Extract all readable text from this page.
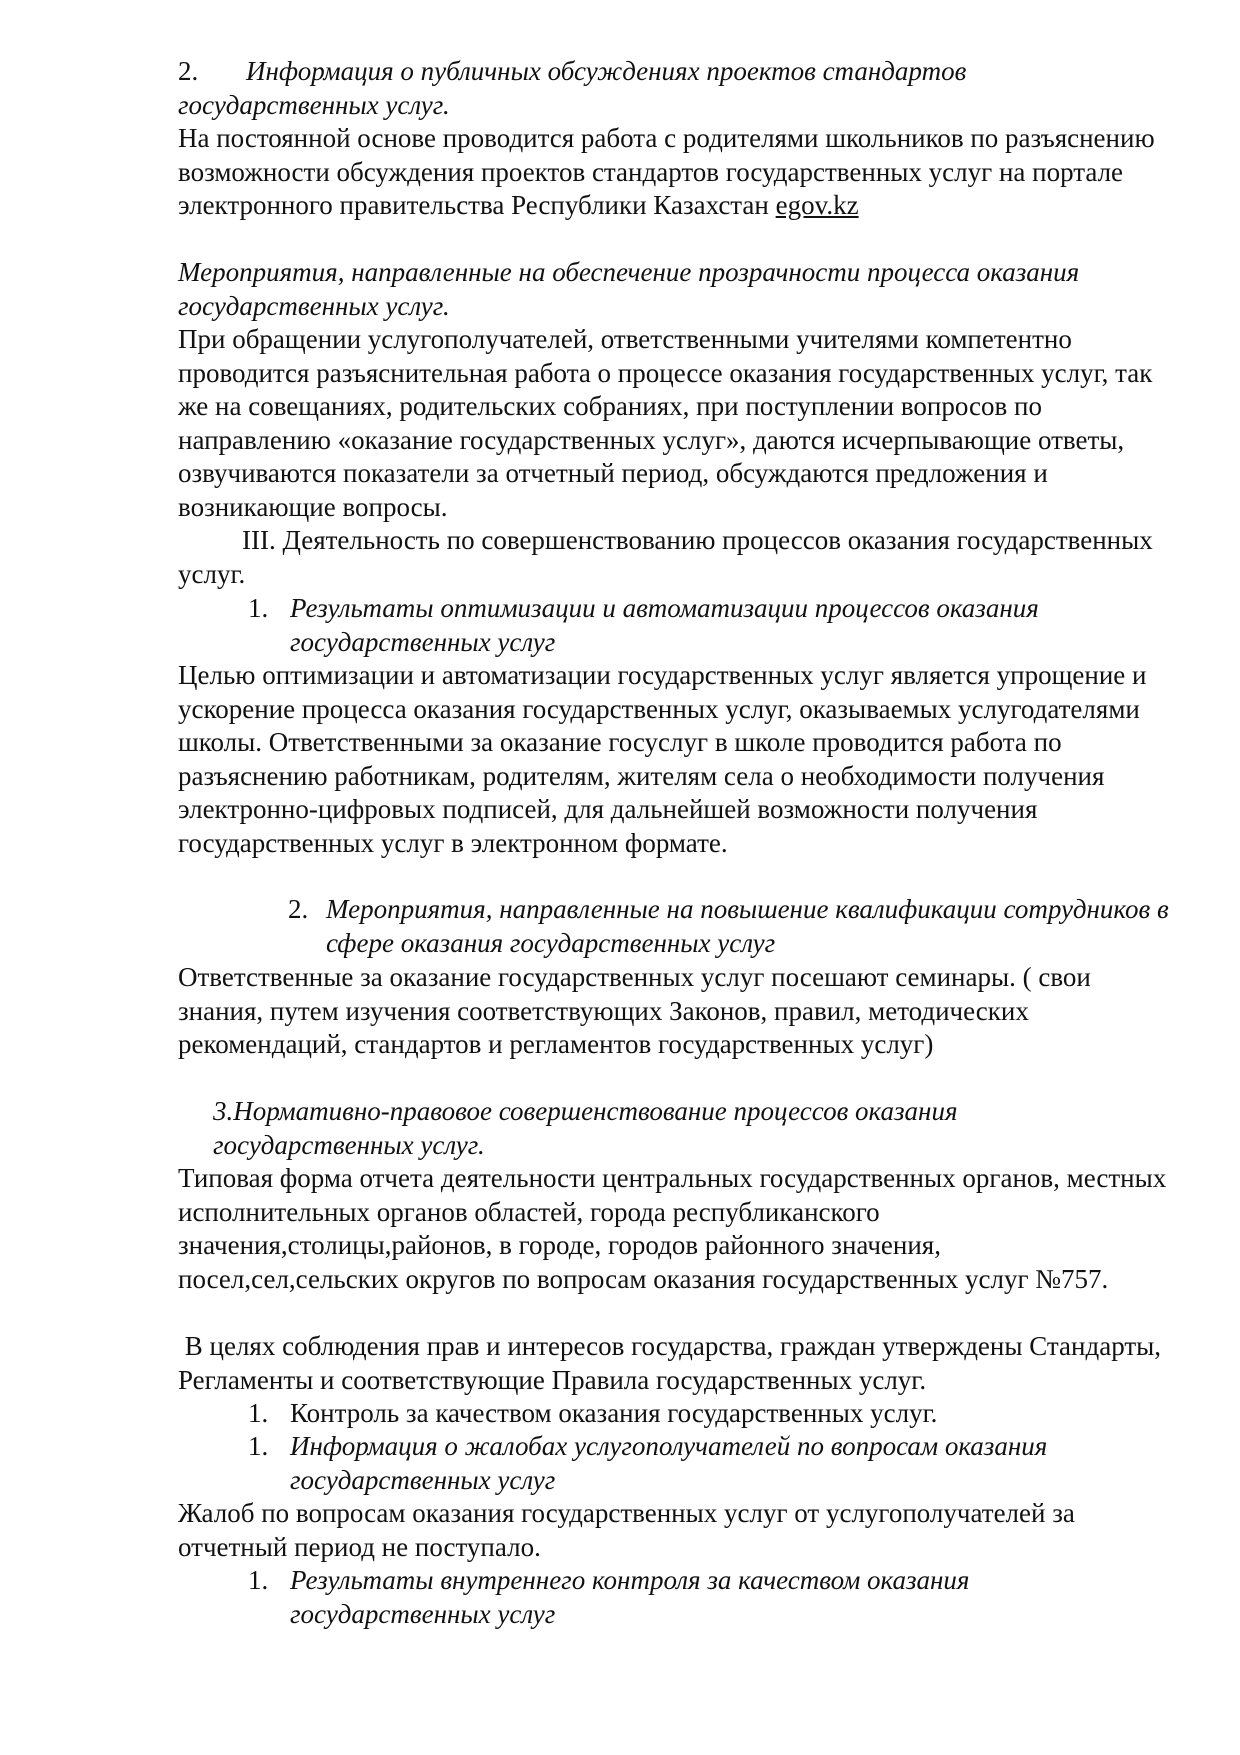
2. Информация о публичных обсуждениях проектов стандартов государственных услуг.
На постоянной основе проводится работа с родителями школьников по разъяснению возможности обсуждения проектов стандартов государственных услуг на портале электронного правительства Республики Казахстан egov.kz
Мероприятия, направленные на обеспечение прозрачности процесса оказания государственных услуг.
При обращении услугополучателей, ответственными учителями компетентно проводится разъяснительная работа о процессе оказания государственных услуг, так же на совещаниях, родительских собраниях, при поступлении вопросов по направлению «оказание государственных услуг», даются исчерпывающие ответы, озвучиваются показатели за отчетный период, обсуждаются предложения и возникающие вопросы.
III. Деятельность по совершенствованию процессов оказания государственных услуг.
1. Результаты оптимизации и автоматизации процессов оказания государственных услуг
Целью оптимизации и автоматизации государственных услуг является упрощение и ускорение процесса оказания государственных услуг, оказываемых услугодателями школы. Ответственными за оказание госуслуг в школе проводится работа по разъяснению работникам, родителям, жителям села о необходимости получения электронно-цифровых подписей, для дальнейшей возможности получения государственных услуг в электронном формате.
2. Мероприятия, направленные на повышение квалификации сотрудников в сфере оказания государственных услуг
Ответственные за оказание государственных услуг посешают семинары. ( свои знания, путем изучения соответствующих Законов, правил, методических рекомендаций, стандартов и регламентов государственных услуг)
3.Нормативно-правовое совершенствование процессов оказания государственных услуг.
Типовая форма отчета деятельности центральных государственных органов, местных исполнительных органов областей, города республиканского значения,столицы,районов, в городе, городов районного значения, посел,сел,сельских округов по вопросам оказания государственных услуг №757.
В целях соблюдения прав и интересов государства, граждан утверждены Стандарты, Регламенты и соответствующие Правила государственных услуг.
1. Контроль за качеством оказания государственных услуг.
1. Информация о жалобах услугополучателей по вопросам оказания государственных услуг
Жалоб по вопросам оказания государственных услуг от услугополучателей за отчетный период не поступало.
1. Результаты внутреннего контроля за качеством оказания государственных услуг
